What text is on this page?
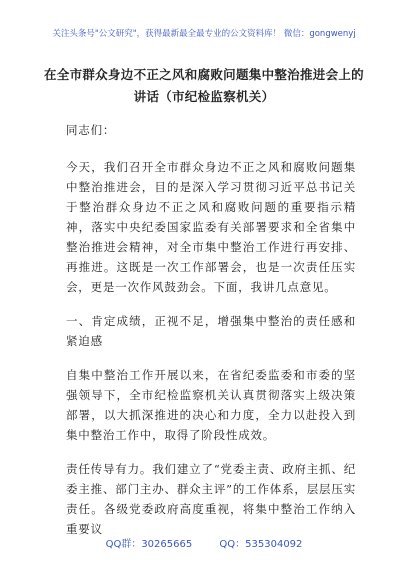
关注头条号"公文研究"，获得最新最全最专业的公文资料库！ 微信：gongwenyj
在全市群众身边不正之风和腐败问题集中整治推进会上的
讲话（市纪检监察机关）

同志们：

今天，我们召开全市群众身边不正之风和腐败问题集中整治推进会，目的是深入学习贯彻习近平总书记关于整治群众身边不正之风和腐败问题的重要指示精神，落实中央纪委国家监委有关部署要求和全省集中整治推进会精神，对全市集中整治工作进行再安排、再推进。这既是一次工作部署会，也是一次责任压实会，更是一次作风鼓劲会。下面，我讲几点意见。

一、肯定成绩，正视不足，增强集中整治的责任感和紧迫感

自集中整治工作开展以来，在省纪委监委和市委的坚强领导下，全市纪检监察机关认真贯彻落实上级决策部署，以大抓深推进的决心和力度，全力以赴投入到集中整治工作中，取得了阶段性成效。

责任传导有力。我们建立了“党委主责、政府主抓、纪委主推、部门主办、群众主评”的工作体系，层层压实责任。各级党委政府高度重视，将集中整治工作纳入重要议

QQ群：30265665	QQ：535304092
